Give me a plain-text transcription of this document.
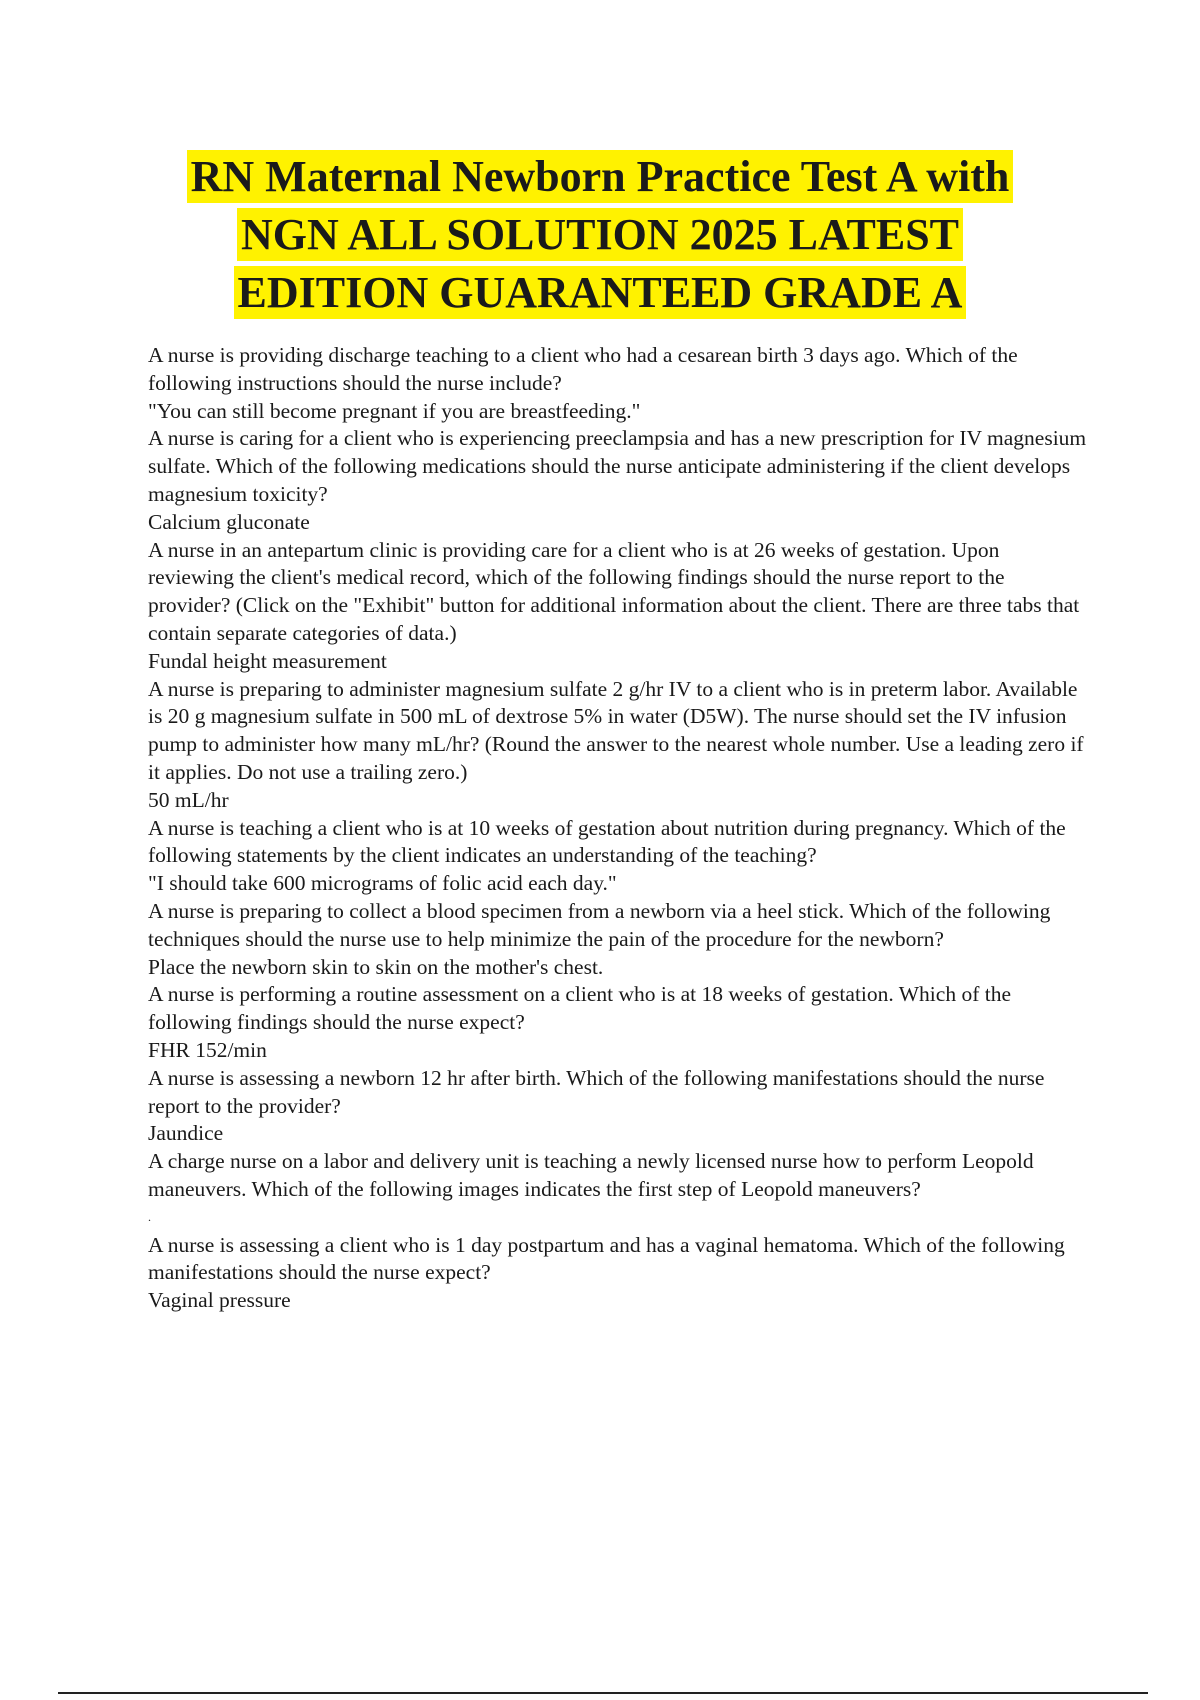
RN Maternal Newborn Practice Test A with
NGN ALL SOLUTION 2025 LATEST
EDITION GUARANTEED GRADE A

A nurse is providing discharge teaching to a client who had a cesarean birth 3 days ago. Which of the following instructions should the nurse include?

"You can still become pregnant if you are breastfeeding."

A nurse is caring for a client who is experiencing preeclampsia and has a new prescription for IV magnesium sulfate. Which of the following medications should the nurse anticipate administering if the client develops magnesium toxicity?

Calcium gluconate

A nurse in an antepartum clinic is providing care for a client who is at 26 weeks of gestation. Upon reviewing the client's medical record, which of the following findings should the nurse report to the provider? (Click on the "Exhibit" button for additional information about the client. There are three tabs that contain separate categories of data.)

Fundal height measurement

A nurse is preparing to administer magnesium sulfate 2 g/hr IV to a client who is in preterm labor. Available is 20 g magnesium sulfate in 500 mL of dextrose 5% in water (D5W). The nurse should set the IV infusion pump to administer how many mL/hr? (Round the answer to the nearest whole number. Use a leading zero if it applies. Do not use a trailing zero.)

50 mL/hr

A nurse is teaching a client who is at 10 weeks of gestation about nutrition during pregnancy. Which of the following statements by the client indicates an understanding of the teaching?

"I should take 600 micrograms of folic acid each day."

A nurse is preparing to collect a blood specimen from a newborn via a heel stick. Which of the following techniques should the nurse use to help minimize the pain of the procedure for the newborn?

Place the newborn skin to skin on the mother's chest.

A nurse is performing a routine assessment on a client who is at 18 weeks of gestation. Which of the following findings should the nurse expect?

FHR 152/min

A nurse is assessing a newborn 12 hr after birth. Which of the following manifestations should the nurse report to the provider?

Jaundice

A charge nurse on a labor and delivery unit is teaching a newly licensed nurse how to perform Leopold maneuvers. Which of the following images indicates the first step of Leopold maneuvers?

.

A nurse is assessing a client who is 1 day postpartum and has a vaginal hematoma. Which of the following manifestations should the nurse expect?

Vaginal pressure
